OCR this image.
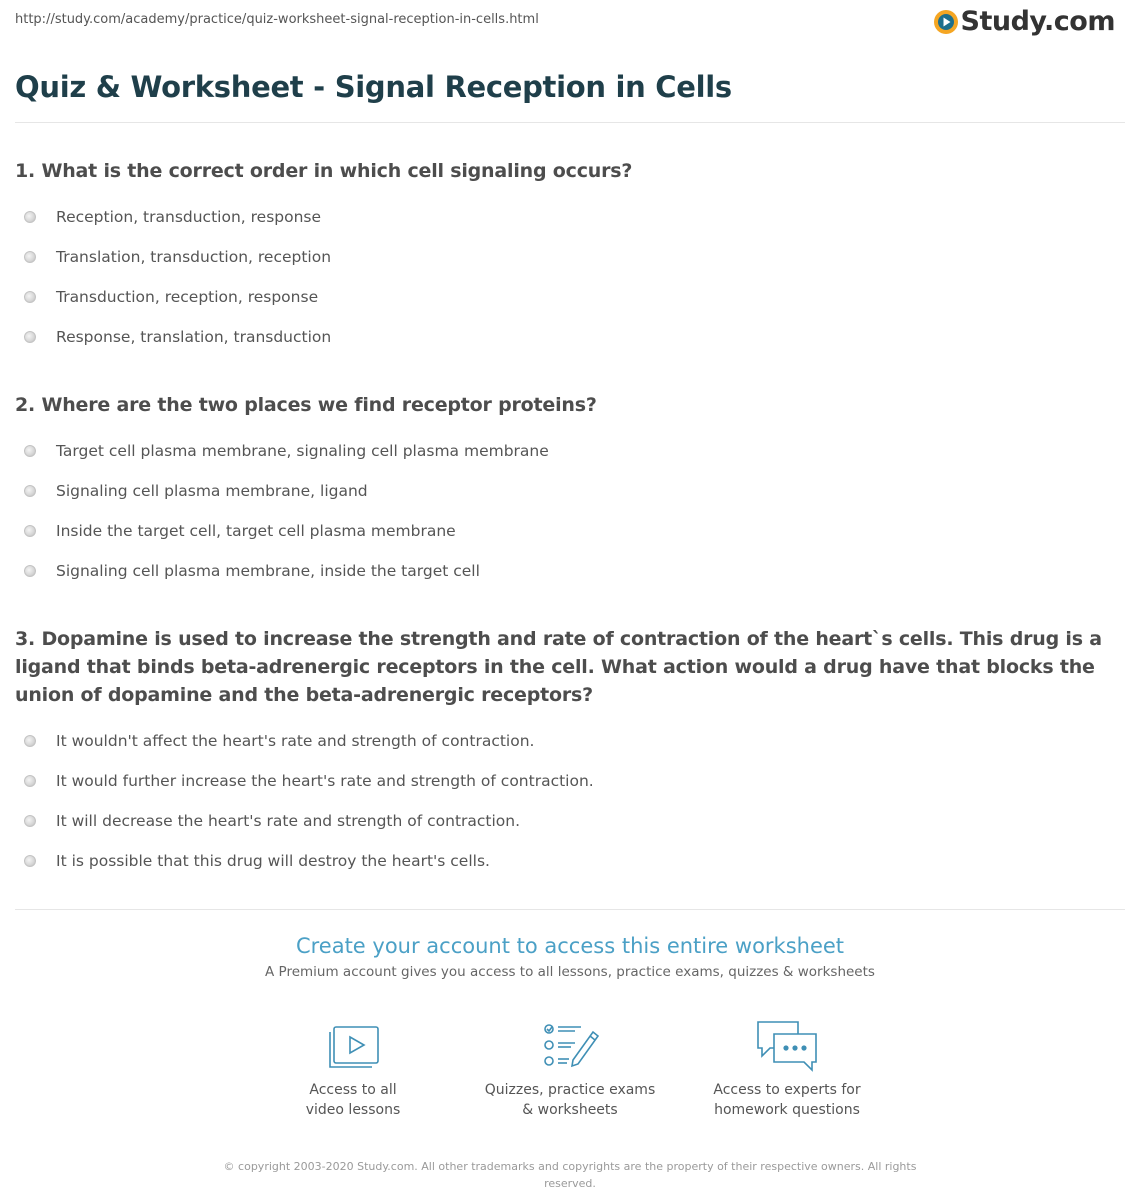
http://study.com/academy/practice/quiz-worksheet-signal-reception-in-cells.html	Study.com
Quiz & Worksheet - Signal Reception in Cells
1. What is the correct order in which cell signaling occurs?
Reception, transduction, response
Translation, transduction, reception
Transduction, reception, response
Response, translation, transduction
2. Where are the two places we find receptor proteins?
Target cell plasma membrane, signaling cell plasma membrane
Signaling cell plasma membrane, ligand
Inside the target cell, target cell plasma membrane
Signaling cell plasma membrane, inside the target cell
3. Dopamine is used to increase the strength and rate of contraction of the heart`s cells. This drug is a ligand that binds beta-adrenergic receptors in the cell. What action would a drug have that blocks the union of dopamine and the beta-adrenergic receptors?
It wouldn't affect the heart's rate and strength of contraction.
It would further increase the heart's rate and strength of contraction.
It will decrease the heart's rate and strength of contraction.
It is possible that this drug will destroy the heart's cells.
Create your account to access this entire worksheet
A Premium account gives you access to all lessons, practice exams, quizzes & worksheets
Access to all
video lessons
Quizzes, practice exams
& worksheets
Access to experts for
homework questions
© copyright 2003-2020 Study.com. All other trademarks and copyrights are the property of their respective owners. All rights reserved.
